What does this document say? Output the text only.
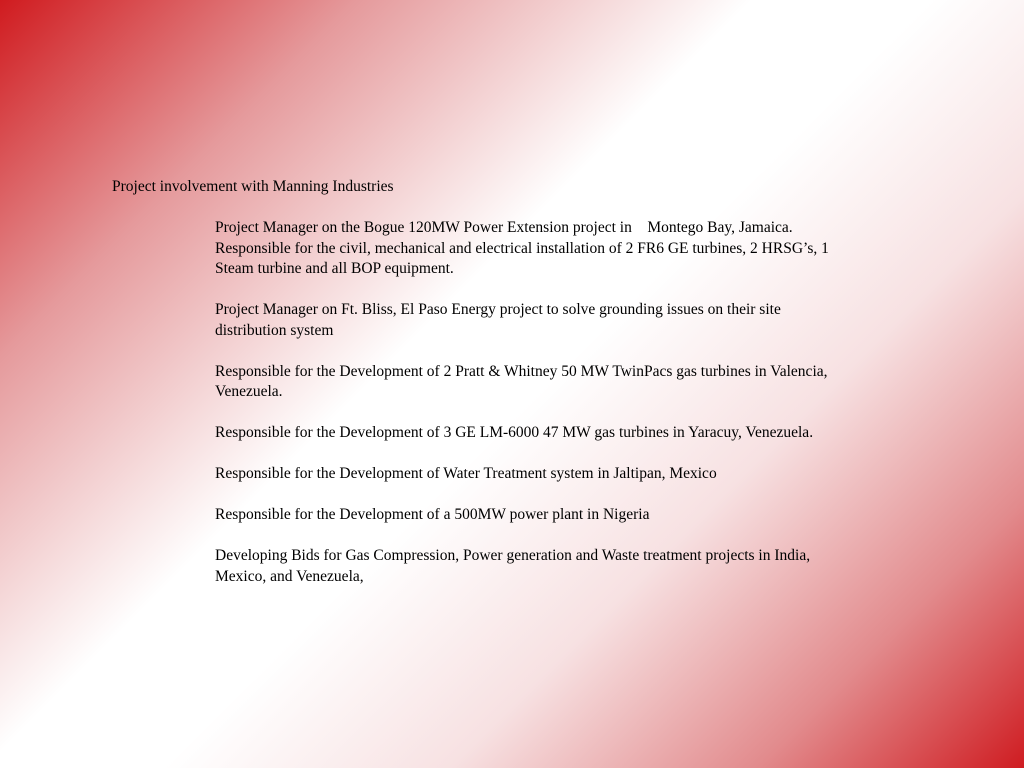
Project involvement with Manning Industries

Project Manager on the Bogue 120MW Power Extension project in    Montego Bay, Jamaica.
Responsible for the civil, mechanical and electrical installation of 2 FR6 GE turbines, 2 HRSG’s, 1
Steam turbine and all BOP equipment.

Project Manager on Ft. Bliss, El Paso Energy project to solve grounding issues on their site
distribution system

Responsible for the Development of 2 Pratt & Whitney 50 MW TwinPacs gas turbines in Valencia,
Venezuela.

Responsible for the Development of 3 GE LM-6000 47 MW gas turbines in Yaracuy, Venezuela.

Responsible for the Development of Water Treatment system in Jaltipan, Mexico

Responsible for the Development of a 500MW power plant in Nigeria

Developing Bids for Gas Compression, Power generation and Waste treatment projects in India,
Mexico, and Venezuela,
